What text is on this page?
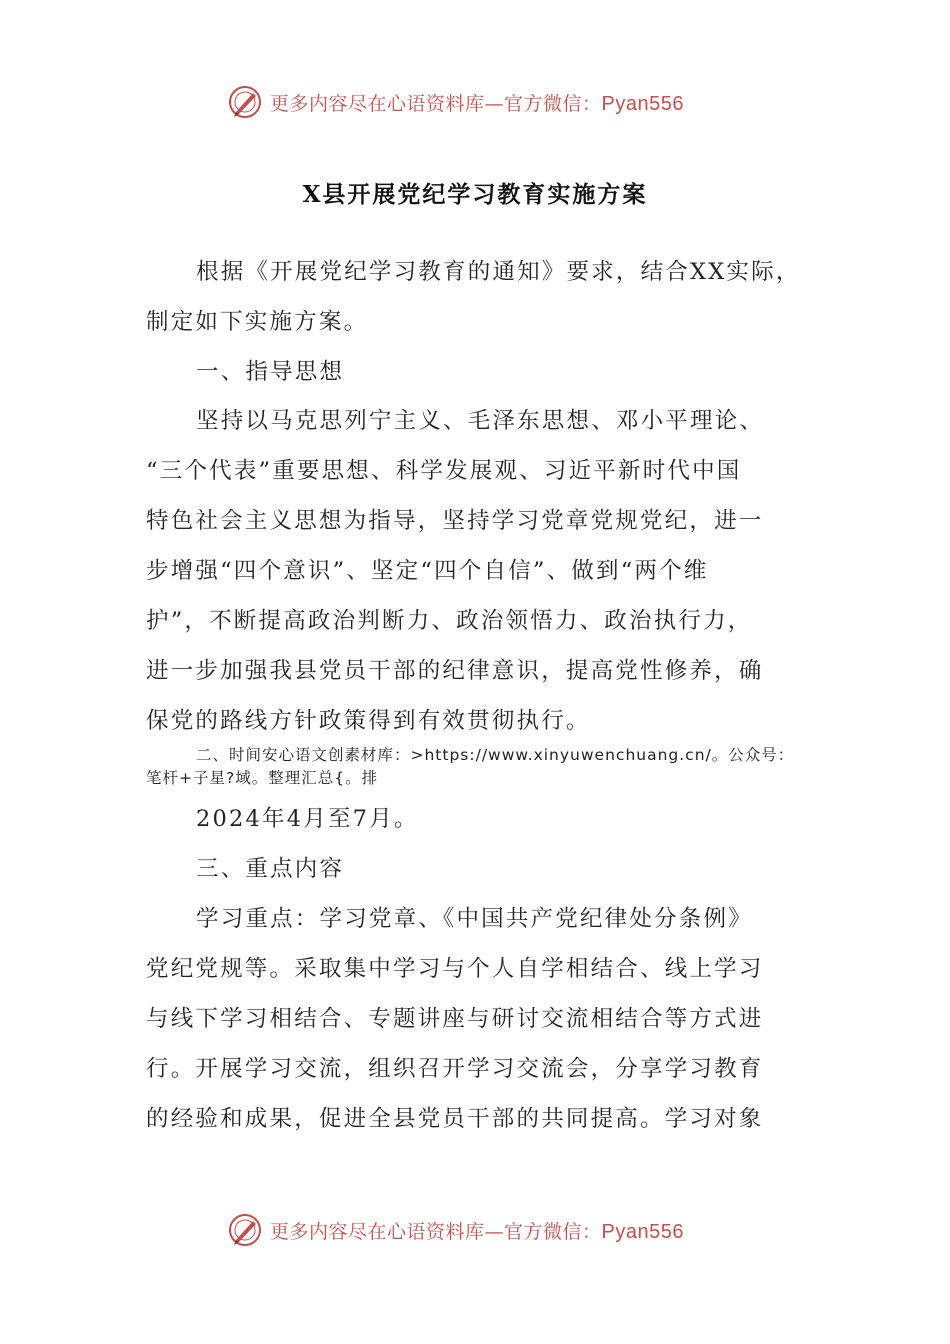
更多内容尽在心语资料库—官方微信：Pyan556
X县开展党纪学习教育实施方案
根据《开展党纪学习教育的通知》要求，结合XX实际，
制定如下实施方案。
一、指导思想
坚持以马克思列宁主义、毛泽东思想、邓小平理论、
“三个代表”重要思想、科学发展观、习近平新时代中国
特色社会主义思想为指导，坚持学习党章党规党纪，进一
步增强“四个意识”、坚定“四个自信”、做到“两个维
护”，不断提高政治判断力、政治领悟力、政治执行力，
进一步加强我县党员干部的纪律意识，提高党性修养，确
保党的路线方针政策得到有效贯彻执行。
二、时间安心语文创素材库：>https://www.xinyuwenchuang.cn/。公众号：
笔杆+子星?域。整理汇总{。排
2024年4月至7月。
三、重点内容
学习重点：学习党章、《中国共产党纪律处分条例》
党纪党规等。采取集中学习与个人自学相结合、线上学习
与线下学习相结合、专题讲座与研讨交流相结合等方式进
行。开展学习交流，组织召开学习交流会，分享学习教育
的经验和成果，促进全县党员干部的共同提高。学习对象
更多内容尽在心语资料库—官方微信：Pyan556
